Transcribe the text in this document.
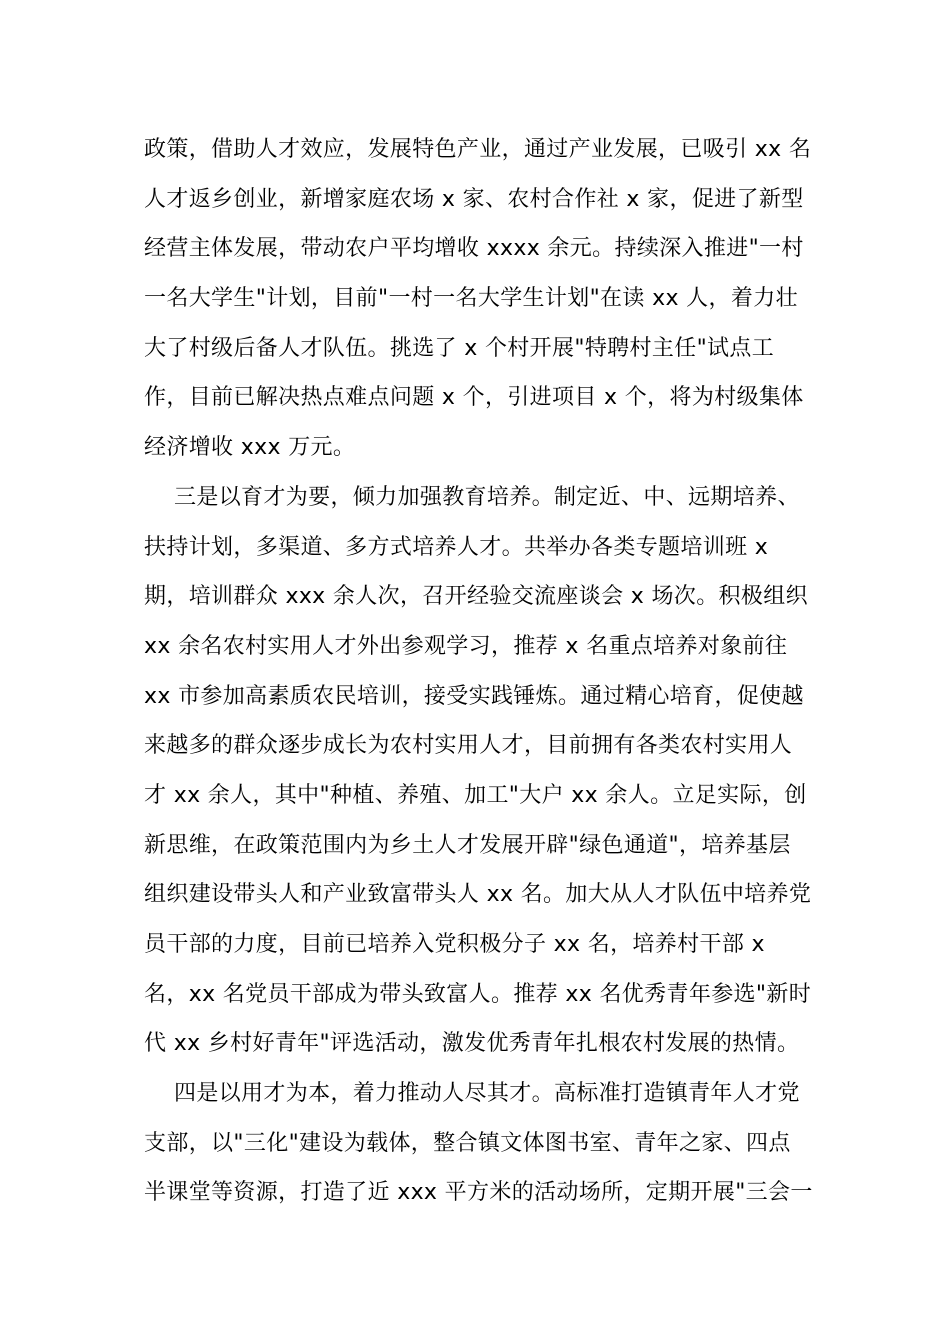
政策，借助人才效应，发展特色产业，通过产业发展，已吸引 xx 名
人才返乡创业，新增家庭农场 x 家、农村合作社 x 家，促进了新型
经营主体发展，带动农户平均增收 xxxx 余元。持续深入推进"一村
一名大学生"计划，目前"一村一名大学生计划"在读 xx 人，着力壮
大了村级后备人才队伍。挑选了 x 个村开展"特聘村主任"试点工
作，目前已解决热点难点问题 x 个，引进项目 x 个，将为村级集体
经济增收 xxx 万元。
三是以育才为要，倾力加强教育培养。制定近、中、远期培养、
扶持计划，多渠道、多方式培养人才。共举办各类专题培训班 x
期，培训群众 xxx 余人次，召开经验交流座谈会 x 场次。积极组织
xx 余名农村实用人才外出参观学习，推荐 x 名重点培养对象前往
xx 市参加高素质农民培训，接受实践锤炼。通过精心培育，促使越
来越多的群众逐步成长为农村实用人才，目前拥有各类农村实用人
才 xx 余人，其中"种植、养殖、加工"大户 xx 余人。立足实际，创
新思维，在政策范围内为乡土人才发展开辟"绿色通道"，培养基层
组织建设带头人和产业致富带头人 xx 名。加大从人才队伍中培养党
员干部的力度，目前已培养入党积极分子 xx 名，培养村干部 x
名，xx 名党员干部成为带头致富人。推荐 xx 名优秀青年参选"新时
代 xx 乡村好青年"评选活动，激发优秀青年扎根农村发展的热情。
四是以用才为本，着力推动人尽其才。高标准打造镇青年人才党
支部，以"三化"建设为载体，整合镇文体图书室、青年之家、四点
半课堂等资源，打造了近 xxx 平方米的活动场所，定期开展"三会一
